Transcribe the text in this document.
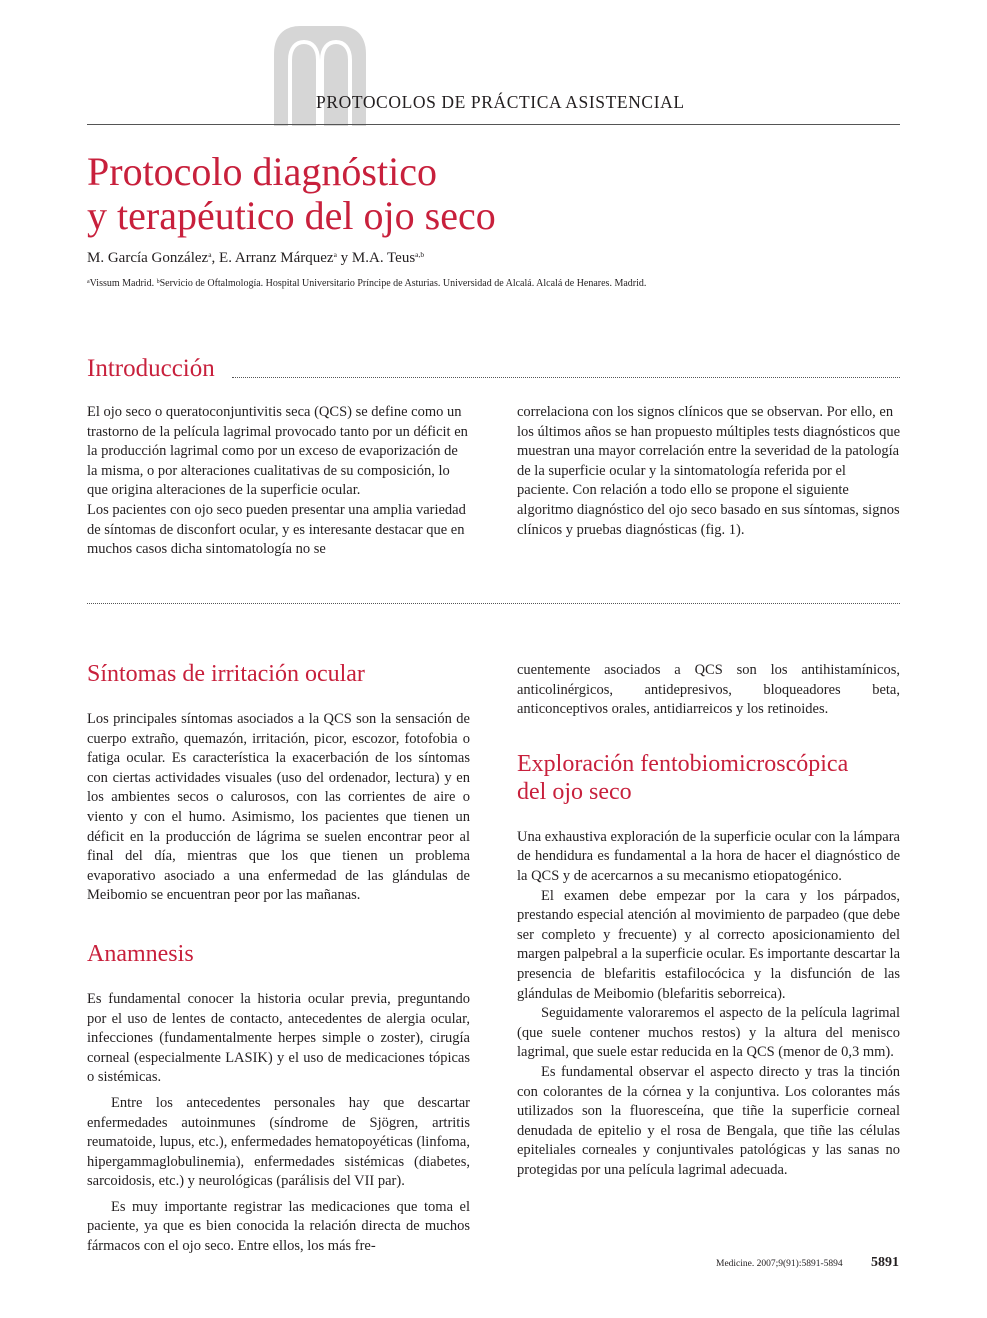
PROTOCOLOS DE PRÁCTICA ASISTENCIAL
Protocolo diagnóstico
y terapéutico del ojo seco
M. García González$^a$, E. Arranz Márquez$^a$ y M.A. Teus$^{a,b}$
$^a$Vissum Madrid. $^b$Servicio de Oftalmología. Hospital Universitario Príncipe de Asturias. Universidad de Alcalá. Alcalá de Henares. Madrid.
Introducción

El ojo seco o queratoconjuntivitis seca (QCS) se define como un trastorno de la película lagrimal provocado tanto por un déficit en la producción lagrimal como por un exceso de evaporización de la misma, o por alteraciones cualitativas de su composición, lo que origina alteraciones de la superficie ocular.

Los pacientes con ojo seco pueden presentar una amplia variedad de síntomas de disconfort ocular, y es interesante destacar que en muchos casos dicha sintomatología no se

correlaciona con los signos clínicos que se observan. Por ello, en los últimos años se han propuesto múltiples tests diagnósticos que muestran una mayor correlación entre la severidad de la patología de la superficie ocular y la sintomatología referida por el paciente. Con relación a todo ello se propone el siguiente algoritmo diagnóstico del ojo seco basado en sus síntomas, signos clínicos y pruebas diagnósticas (fig. 1).

Síntomas de irritación ocular

Los principales síntomas asociados a la QCS son la sensación de cuerpo extraño, quemazón, irritación, picor, escozor, fotofobia o fatiga ocular. Es característica la exacerbación de los síntomas con ciertas actividades visuales (uso del ordenador, lectura) y en los ambientes secos o calurosos, con las corrientes de aire o viento y con el humo. Asimismo, los pacientes que tienen un déficit en la producción de lágrima se suelen encontrar peor al final del día, mientras que los que tienen un problema evaporativo asociado a una enfermedad de las glándulas de Meibomio se encuentran peor por las mañanas.

Anamnesis

Es fundamental conocer la historia ocular previa, preguntando por el uso de lentes de contacto, antecedentes de alergia ocular, infecciones (fundamentalmente herpes simple o zoster), cirugía corneal (especialmente LASIK) y el uso de medicaciones tópicas o sistémicas.

Entre los antecedentes personales hay que descartar enfermedades autoinmunes (síndrome de Sjögren, artritis reumatoide, lupus, etc.), enfermedades hematopoyéticas (linfoma, hipergammaglobulinemia), enfermedades sistémicas (diabetes, sarcoidosis, etc.) y neurológicas (parálisis del VII par).

Es muy importante registrar las medicaciones que toma el paciente, ya que es bien conocida la relación directa de muchos fármacos con el ojo seco. Entre ellos, los más fre-

cuentemente asociados a QCS son los antihistamínicos, anticolinérgicos, antidepresivos, bloqueadores beta, anticonceptivos orales, antidiarreicos y los retinoides.

Exploración fentobiomicroscópica
del ojo seco

Una exhaustiva exploración de la superficie ocular con la lámpara de hendidura es fundamental a la hora de hacer el diagnóstico de la QCS y de acercarnos a su mecanismo etiopatogénico.

El examen debe empezar por la cara y los párpados, prestando especial atención al movimiento de parpadeo (que debe ser completo y frecuente) y al correcto aposicionamiento del margen palpebral a la superficie ocular. Es importante descartar la presencia de blefaritis estafilocócica y la disfunción de las glándulas de Meibomio (blefaritis seborreica).

Seguidamente valoraremos el aspecto de la película lagrimal (que suele contener muchos restos) y la altura del menisco lagrimal, que suele estar reducida en la QCS (menor de 0,3 mm).

Es fundamental observar el aspecto directo y tras la tinción con colorantes de la córnea y la conjuntiva. Los colorantes más utilizados son la fluoresceína, que tiñe la superficie corneal denudada de epitelio y el rosa de Bengala, que tiñe las células epiteliales corneales y conjuntivales patológicas y las sanas no protegidas por una película lagrimal adecuada.

Medicine. 2007;9(91):5891-5894 5891
